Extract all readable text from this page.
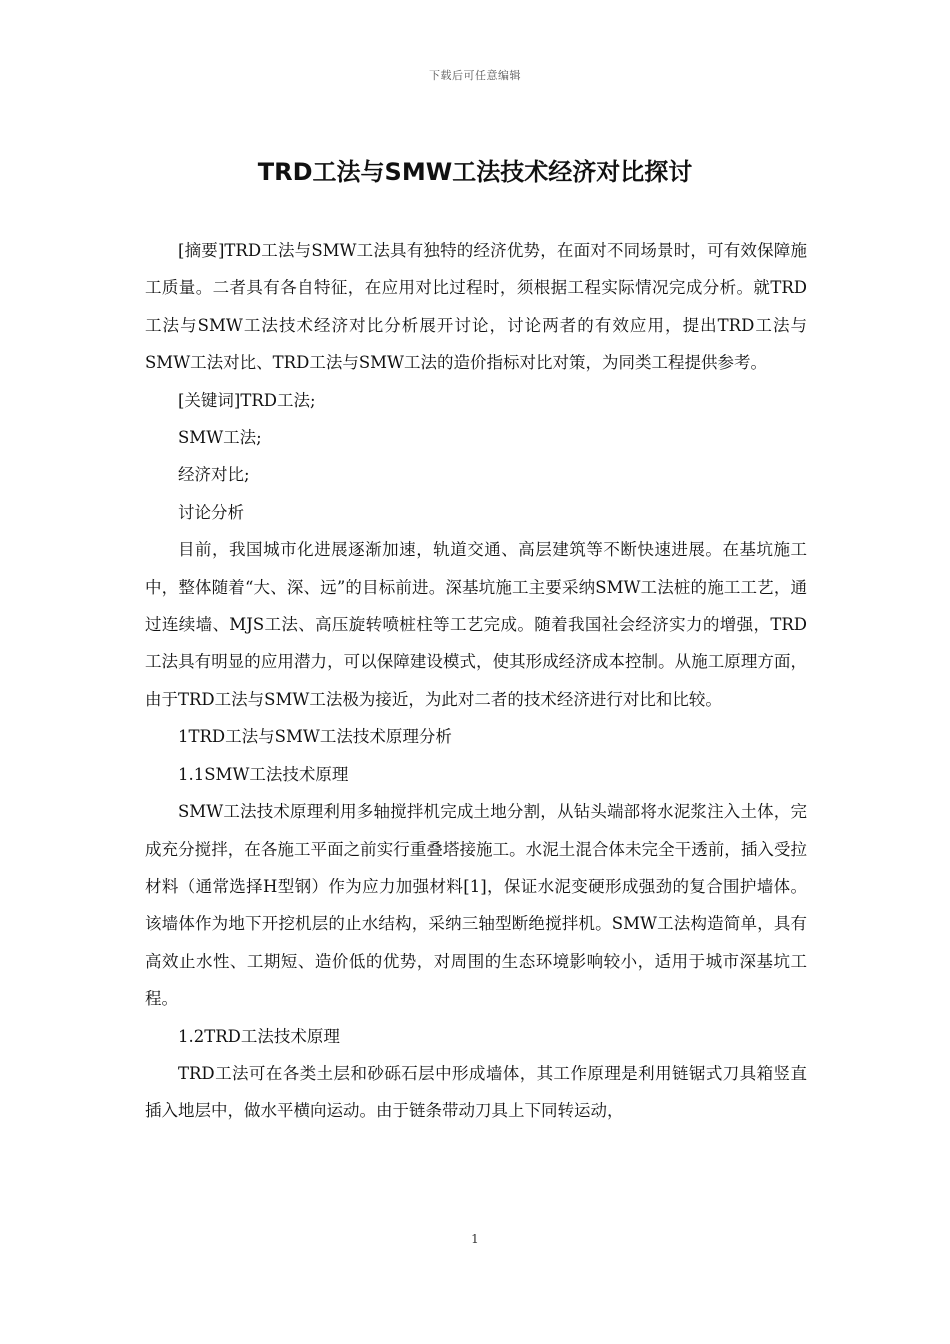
下载后可任意编辑
TRD工法与SMW工法技术经济对比探讨

[摘要]TRD工法与SMW工法具有独特的经济优势，在面对不同场景时，可有效保障施工质量。二者具有各自特征，在应用对比过程时，须根据工程实际情况完成分析。就TRD工法与SMW工法技术经济对比分析展开讨论，讨论两者的有效应用，提出TRD工法与SMW工法对比、TRD工法与SMW工法的造价指标对比对策，为同类工程提供参考。

[关键词]TRD工法;

SMW工法;

经济对比;

讨论分析

目前，我国城市化进展逐渐加速，轨道交通、高层建筑等不断快速进展。在基坑施工中，整体随着“大、深、远”的目标前进。深基坑施工主要采纳SMW工法桩的施工工艺，通过连续墙、MJS工法、高压旋转喷桩柱等工艺完成。随着我国社会经济实力的增强，TRD工法具有明显的应用潜力，可以保障建设模式，使其形成经济成本控制。从施工原理方面，由于TRD工法与SMW工法极为接近，为此对二者的技术经济进行对比和比较。

1TRD工法与SMW工法技术原理分析

1.1SMW工法技术原理

SMW工法技术原理利用多轴搅拌机完成土地分割，从钻头端部将水泥浆注入土体，完成充分搅拌，在各施工平面之前实行重叠塔接施工。水泥土混合体未完全干透前，插入受拉材料（通常选择H型钢）作为应力加强材料[1]，保证水泥变硬形成强劲的复合围护墙体。该墙体作为地下开挖机层的止水结构，采纳三轴型断绝搅拌机。SMW工法构造简单，具有高效止水性、工期短、造价低的优势，对周围的生态环境影响较小，适用于城市深基坑工程。

1.2TRD工法技术原理

TRD工法可在各类土层和砂砾石层中形成墙体，其工作原理是利用链锯式刀具箱竖直插入地层中，做水平横向运动。由于链条带动刀具上下同转运动，

1
